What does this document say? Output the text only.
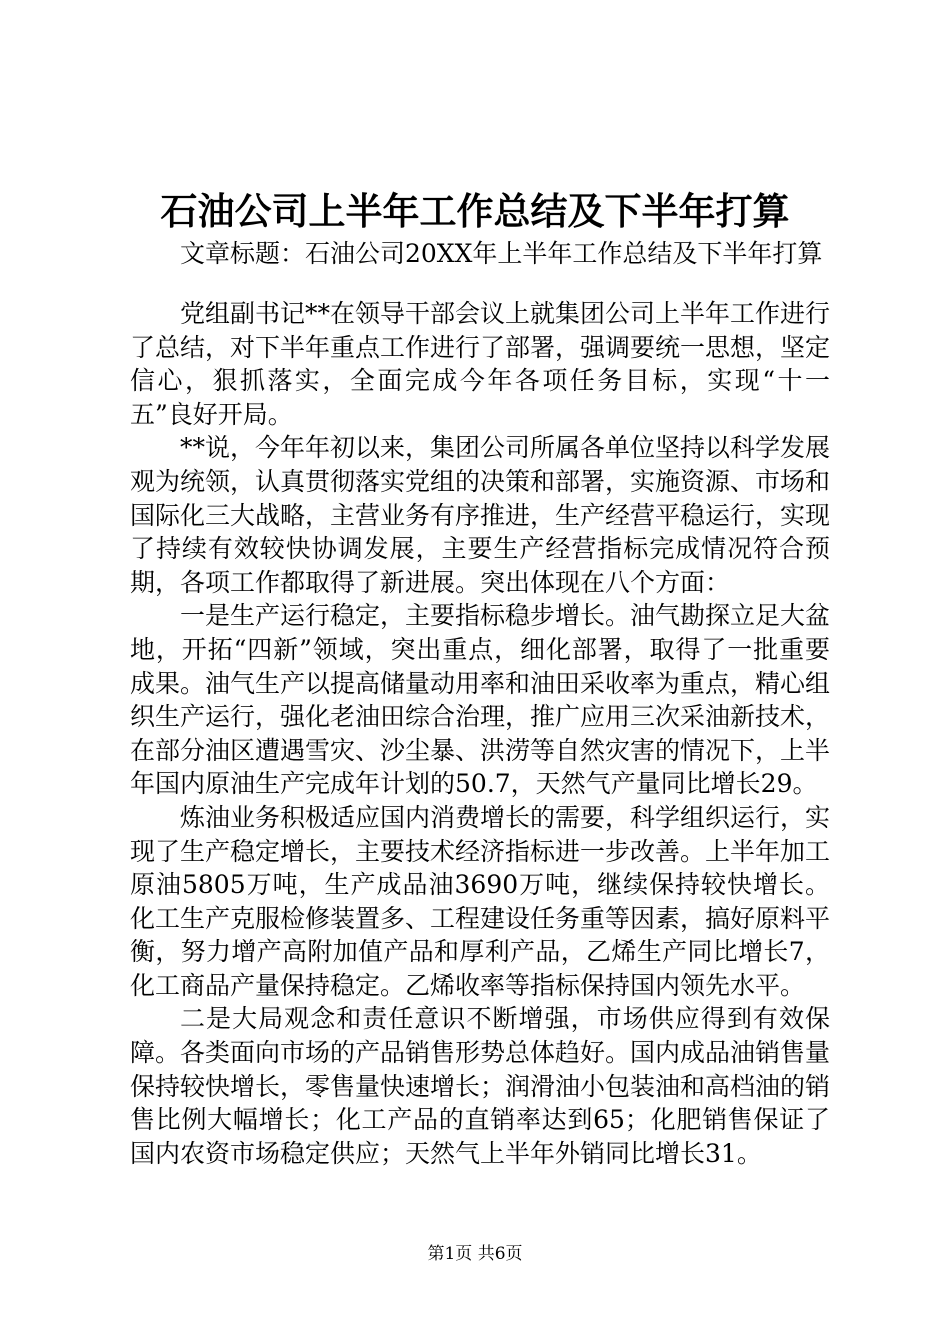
石油公司上半年工作总结及下半年打算

文章标题：石油公司20XX年上半年工作总结及下半年打算

党组副书记**在领导干部会议上就集团公司上半年工作进行了总结，对下半年重点工作进行了部署，强调要统一思想，坚定信心，狠抓落实，全面完成今年各项任务目标，实现“十一五”良好开局。

**说，今年年初以来，集团公司所属各单位坚持以科学发展观为统领，认真贯彻落实党组的决策和部署，实施资源、市场和国际化三大战略，主营业务有序推进，生产经营平稳运行，实现了持续有效较快协调发展，主要生产经营指标完成情况符合预期，各项工作都取得了新进展。突出体现在八个方面：

一是生产运行稳定，主要指标稳步增长。油气勘探立足大盆地，开拓“四新”领域，突出重点，细化部署，取得了一批重要成果。油气生产以提高储量动用率和油田采收率为重点，精心组织生产运行，强化老油田综合治理，推广应用三次采油新技术，在部分油区遭遇雪灾、沙尘暴、洪涝等自然灾害的情况下，上半年国内原油生产完成年计划的50.7，天然气产量同比增长29。

炼油业务积极适应国内消费增长的需要，科学组织运行，实现了生产稳定增长，主要技术经济指标进一步改善。上半年加工原油5805万吨，生产成品油3690万吨，继续保持较快增长。化工生产克服检修装置多、工程建设任务重等因素，搞好原料平衡，努力增产高附加值产品和厚利产品，乙烯生产同比增长7，化工商品产量保持稳定。乙烯收率等指标保持国内领先水平。

二是大局观念和责任意识不断增强，市场供应得到有效保障。各类面向市场的产品销售形势总体趋好。国内成品油销售量保持较快增长，零售量快速增长；润滑油小包装油和高档油的销售比例大幅增长；化工产品的直销率达到65；化肥销售保证了国内农资市场稳定供应；天然气上半年外销同比增长31。

第1页 共6页
